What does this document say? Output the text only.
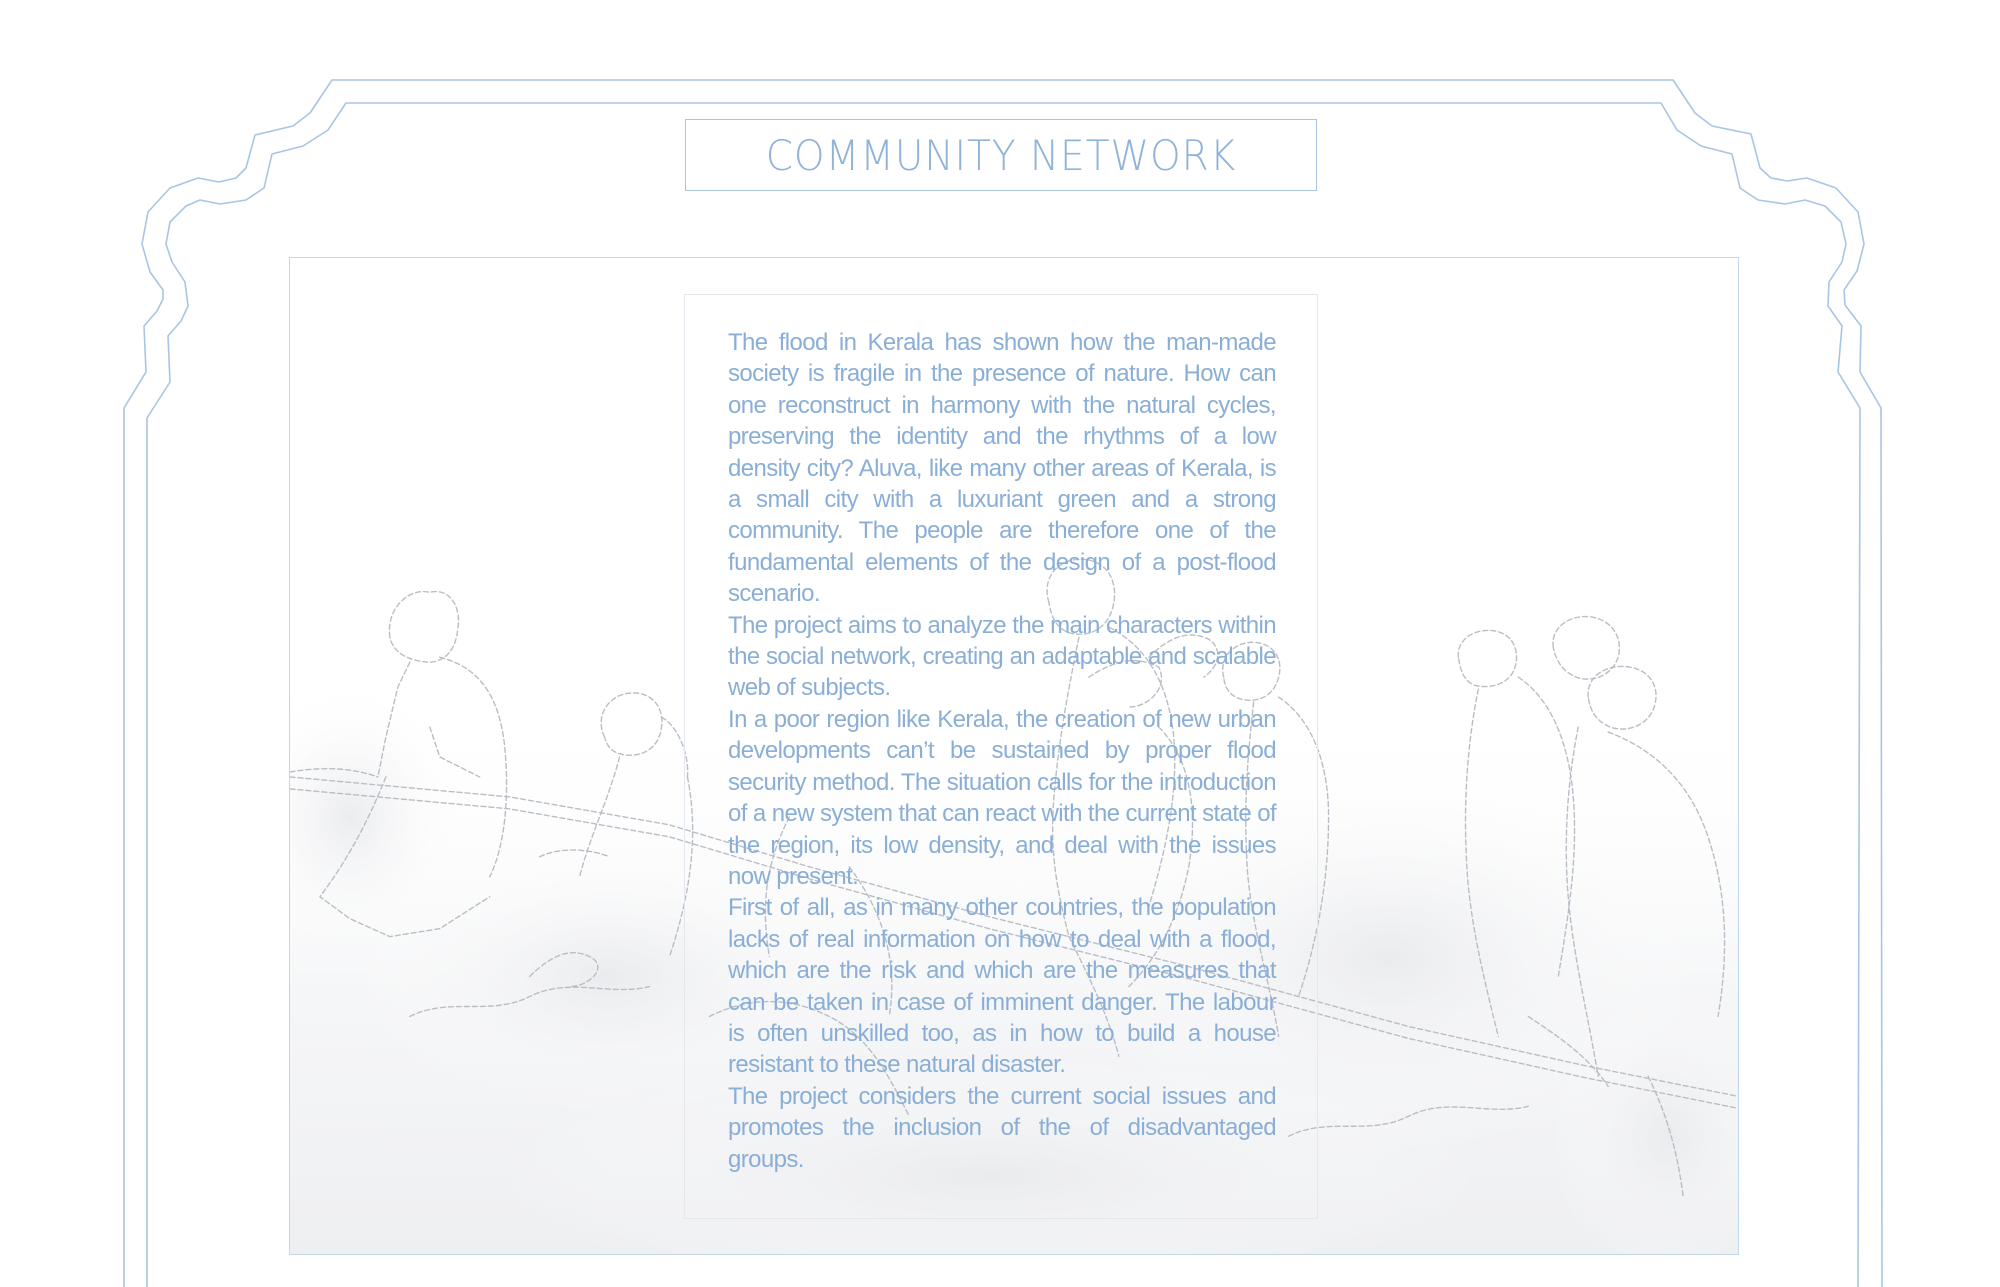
COMMUNITY NETWORK

The flood in Kerala has shown how the man-made society is fragile in the presence of nature. How can one reconstruct in harmony with the natural cycles, preserving the identity and the rhythms of a low density city? Aluva, like many other areas of Kerala, is a small city with a luxuriant green and a strong community. The people are therefore one of the fundamental elements of the design of a post-flood scenario.

The project aims to analyze the main characters within the social network, creating an adaptable and scalable web of subjects.

In a poor region like Kerala, the creation of new urban developments can’t be sustained by proper flood security method. The situation calls for the introduction of a new system that can react with the current state of the region, its low density, and deal with the issues now present.

First of all, as in many other countries, the population lacks of real information on how to deal with a flood, which are the risk and which are the measures that can be taken in case of imminent danger. The labour is often unskilled too, as in how to build a house resistant to these natural disaster.

The project considers the current social issues and promotes the inclusion of the of disadvantaged groups.
